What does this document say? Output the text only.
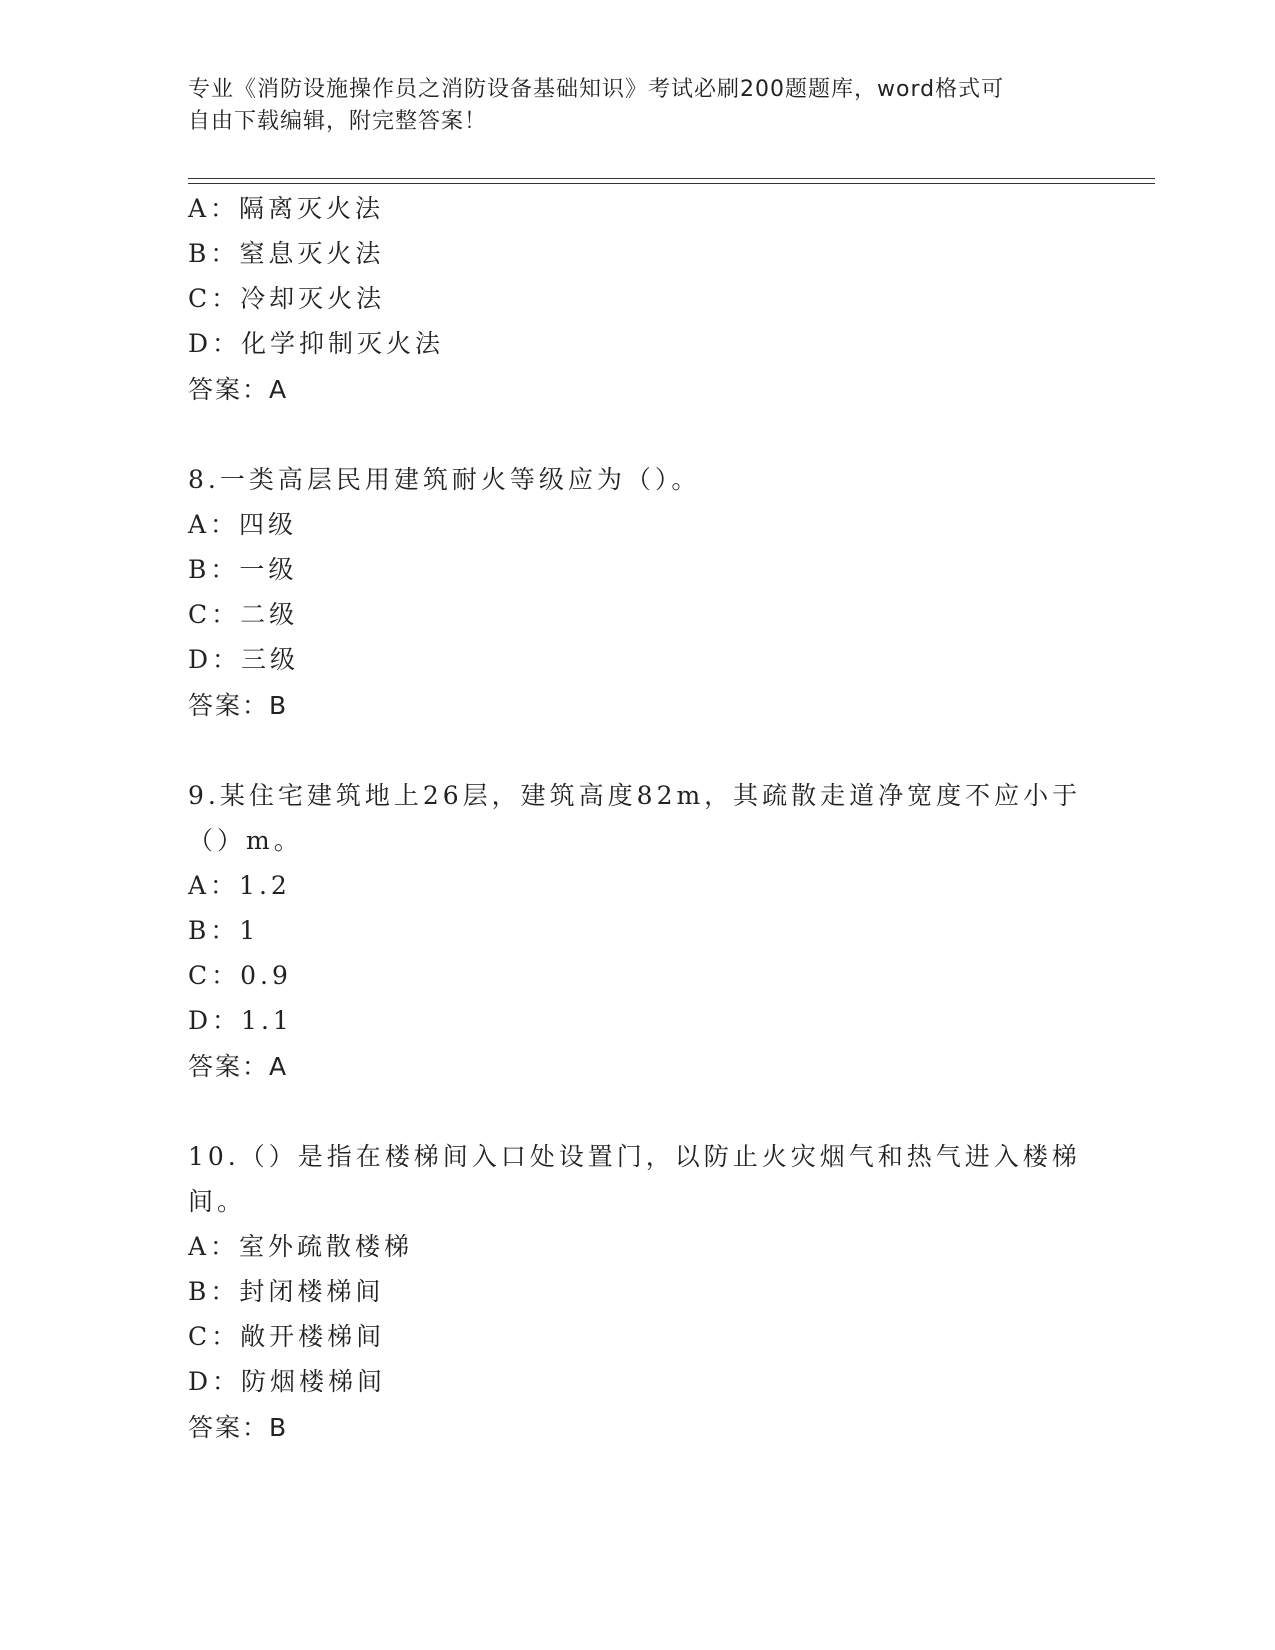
专业《消防设施操作员之消防设备基础知识》考试必刷200题题库，word格式可
自由下载编辑，附完整答案！
A：隔离灭火法
B：窒息灭火法
C：冷却灭火法
D：化学抑制灭火法
答案：A
8.一类高层民用建筑耐火等级应为（）。
A：四级
B：一级
C：二级
D：三级
答案：B
9.某住宅建筑地上26层，建筑高度82m，其疏散走道净宽度不应小于
（）m。
A：1.2
B：1
C：0.9
D：1.1
答案：A
10.（）是指在楼梯间入口处设置门，以防止火灾烟气和热气进入楼梯
间。
A：室外疏散楼梯
B：封闭楼梯间
C：敞开楼梯间
D：防烟楼梯间
答案：B
